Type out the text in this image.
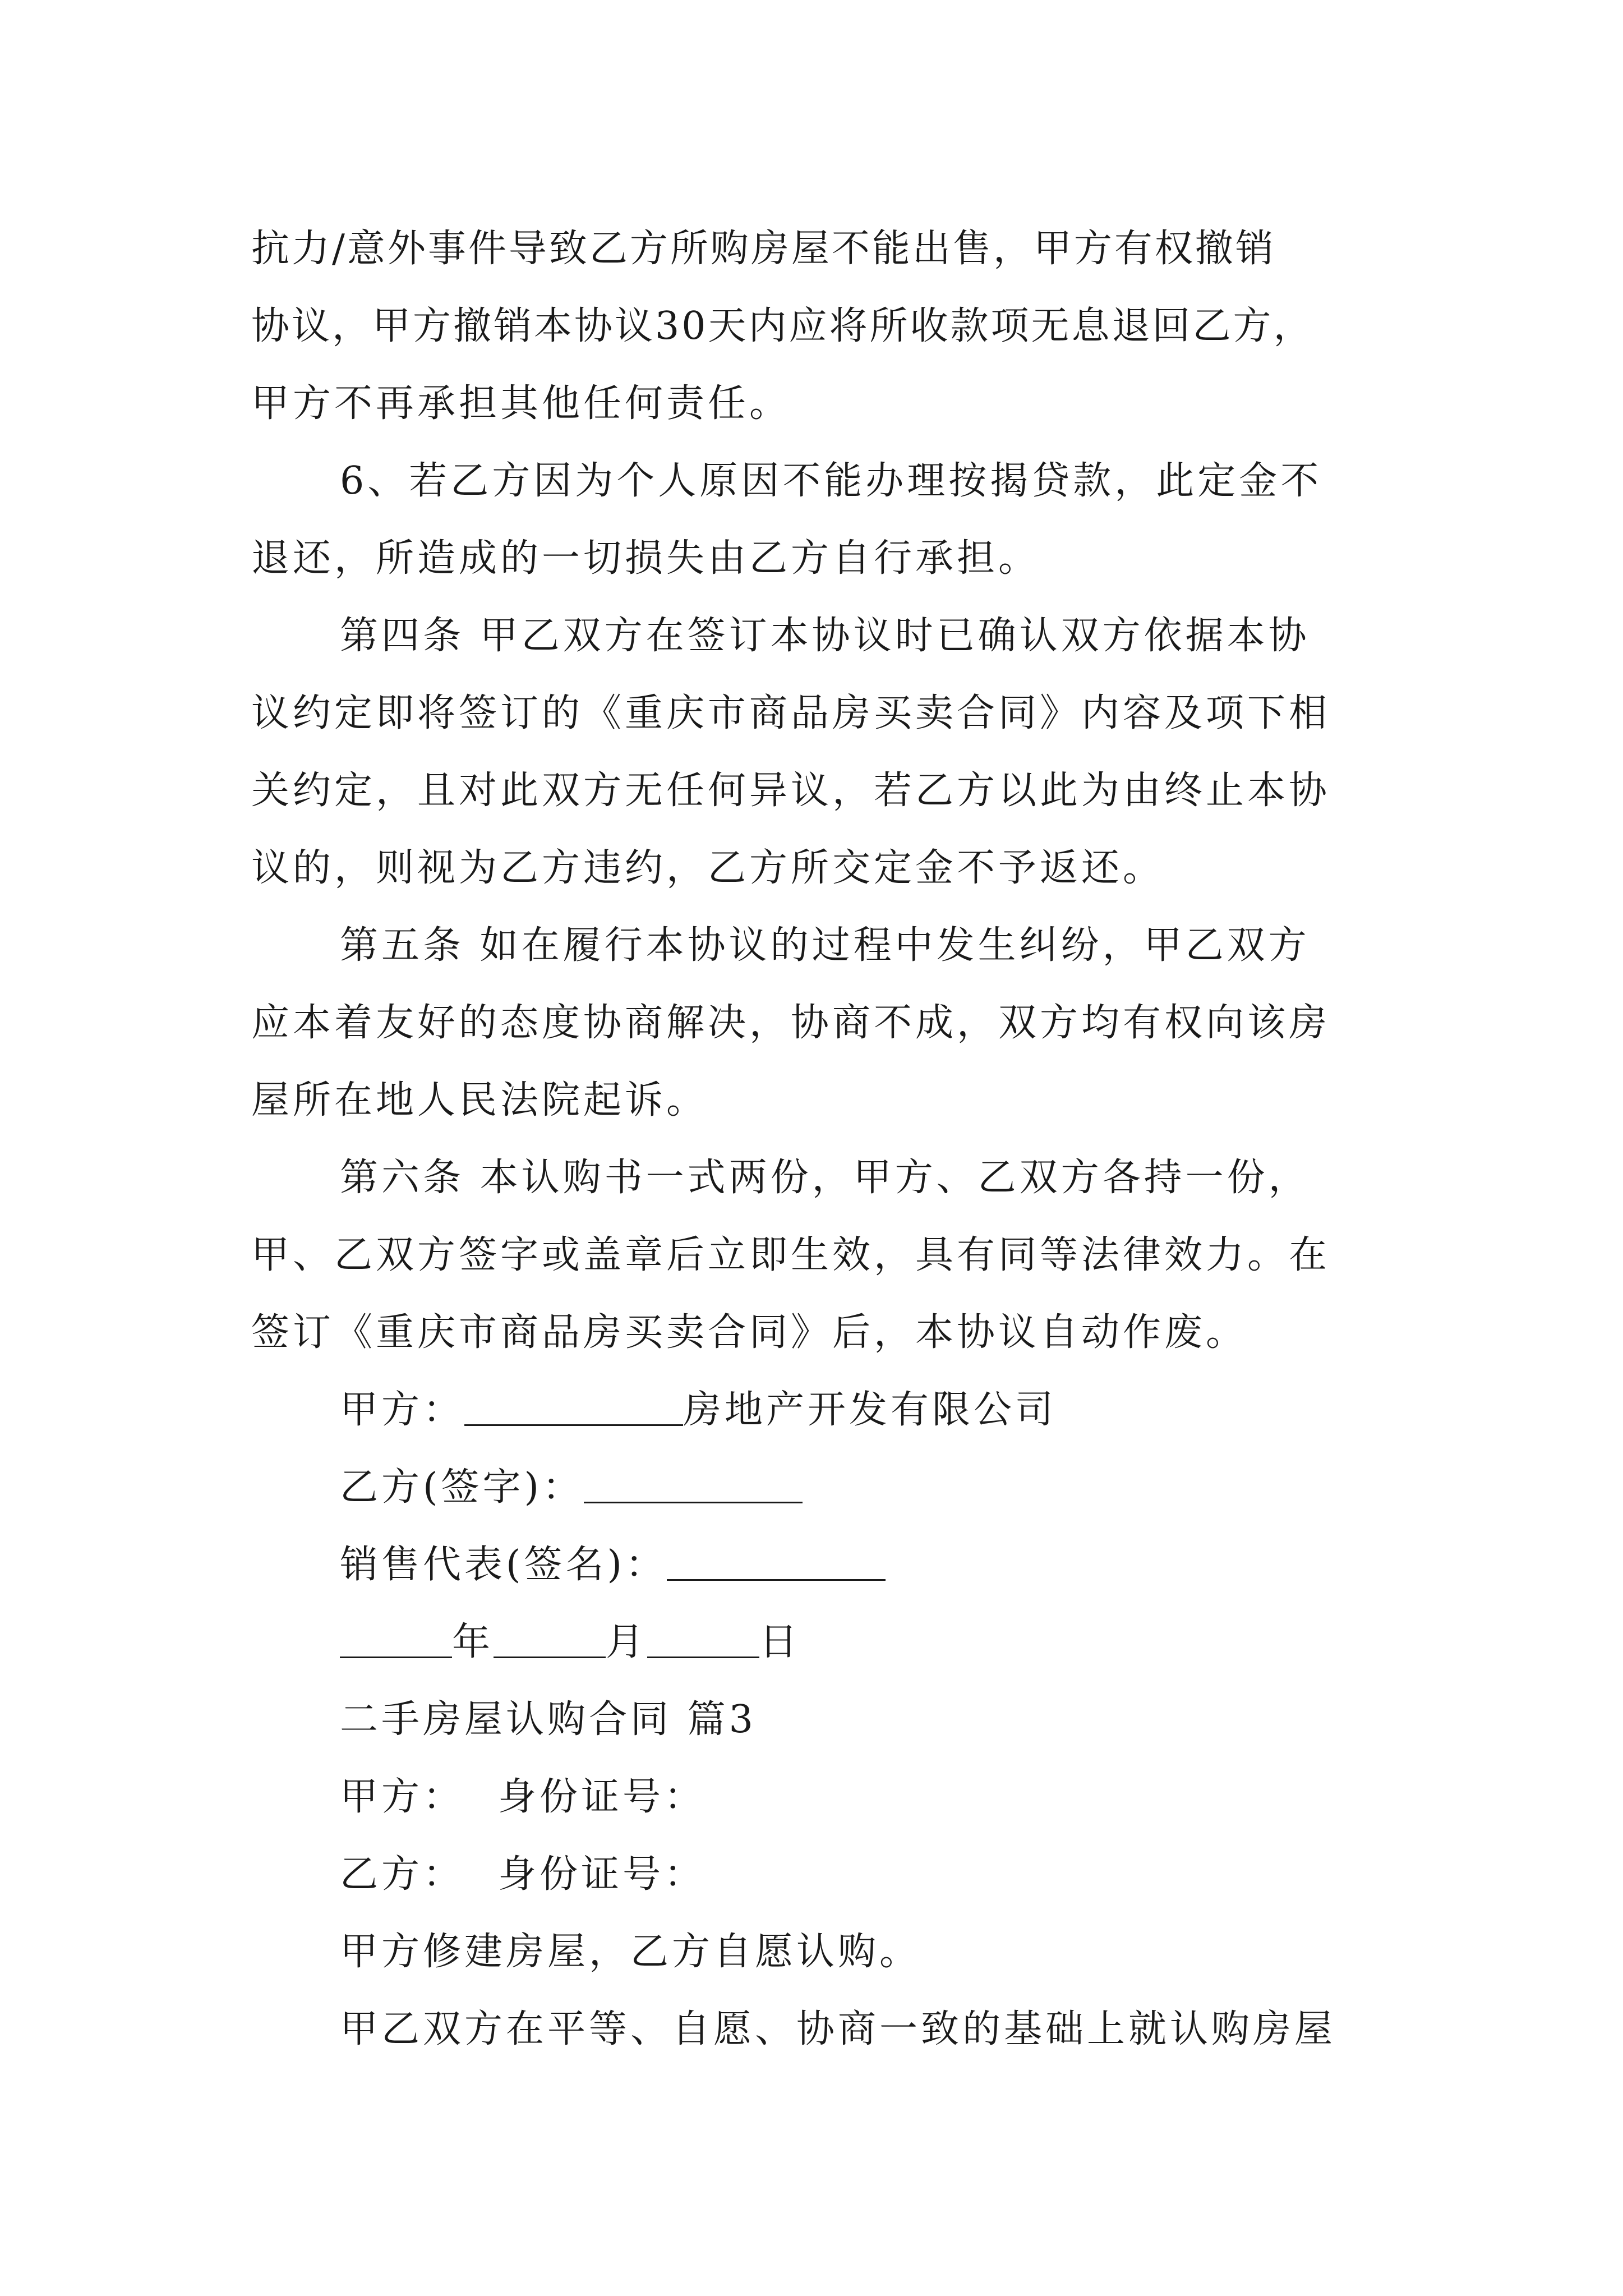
抗力/意外事件导致乙方所购房屋不能出售，甲方有权撤销
协议，甲方撤销本协议30天内应将所收款项无息退回乙方，
甲方不再承担其他任何责任。
6、若乙方因为个人原因不能办理按揭贷款，此定金不
退还，所造成的一切损失由乙方自行承担。
第四条 甲乙双方在签订本协议时已确认双方依据本协
议约定即将签订的《重庆市商品房买卖合同》内容及项下相
关约定，且对此双方无任何异议，若乙方以此为由终止本协
议的，则视为乙方违约，乙方所交定金不予返还。
第五条 如在履行本协议的过程中发生纠纷，甲乙双方
应本着友好的态度协商解决，协商不成，双方均有权向该房
屋所在地人民法院起诉。
第六条 本认购书一式两份，甲方、乙双方各持一份，
甲、乙双方签字或盖章后立即生效，具有同等法律效力。在
签订《重庆市商品房买卖合同》后，本协议自动作废。
甲方：	房地产开发有限公司
乙方(签字)：
销售代表(签名)：
年	月	日
二手房屋认购合同 篇3
甲方： 身份证号：
乙方： 身份证号：
甲方修建房屋，乙方自愿认购。
甲乙双方在平等、自愿、协商一致的基础上就认购房屋
